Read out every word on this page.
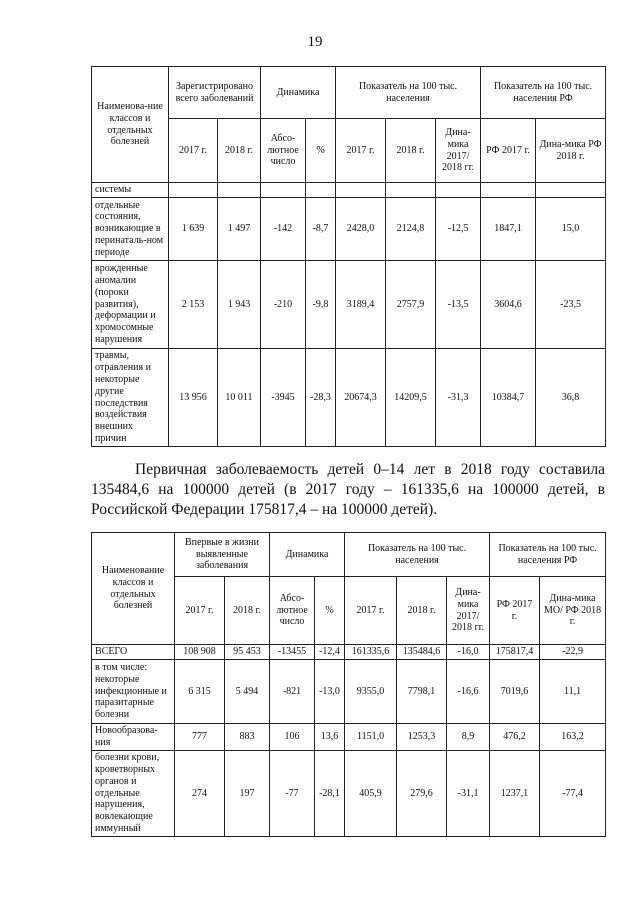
19
Наименова-ние классов и отдельных болезней	Зарегистрировано всего заболеваний		Динамика		Показатель на 100 тыс. населения			Показатель на 100 тыс. населения РФ	
	2017 г.	2018 г.	Абсо-лютное число	%	2017 г.	2018 г.	Дина-мика 2017/ 2018 гг.	РФ 2017 г.	Дина-мика РФ 2018 г.
системы									
отдельные состояния, возникающие в перинаталь-ном периоде	1 639	1 497	-142	-8,7	2428,0	2124,8	-12,5	1847,1	15,0
врожденные аномалии (пороки развития), деформации и хромосомные нарушения	2 153	1 943	-210	-9,8	3189,4	2757,9	-13,5	3604,6	-23,5
травмы, отравления и некоторые другие последствия воздействия внешних причин	13 956	10 011	-3945	-28,3	20674,3	14209,5	-31,3	10384,7	36,8

Первичная заболеваемость детей 0–14 лет в 2018 году составила 135484,6 на 100000 детей (в 2017 году – 161335,6 на 100000 детей, в Российской Федерации 175817,4 – на 100000 детей).

Наименование классов и отдельных болезней	Впервые в жизни выявленные заболевания		Динамика		Показатель на 100 тыс. населения			Показатель на 100 тыс. населения РФ	
	2017 г.	2018 г.	Абсо-лютное число	%	2017 г.	2018 г.	Дина-мика 2017/ 2018 гг.	РФ 2017 г.	Дина-мика МО/ РФ 2018 г.
ВСЕГО	108 908	95 453	-13455	-12,4	161335,6	135484,6	-16,0	175817,4	-22,9
в том числе: некоторые инфекционные и паразитарные болезни	6 315	5 494	-821	-13,0	9355,0	7798,1	-16,6	7019,6	11,1
Новообразова-ния	777	883	106	13,6	1151,0	1253,3	8,9	476,2	163,2
болезни крови, кроветворных органов и отдельные нарушения, вовлекающие иммунный	274	197	-77	-28,1	405,9	279,6	-31,1	1237,1	-77,4
